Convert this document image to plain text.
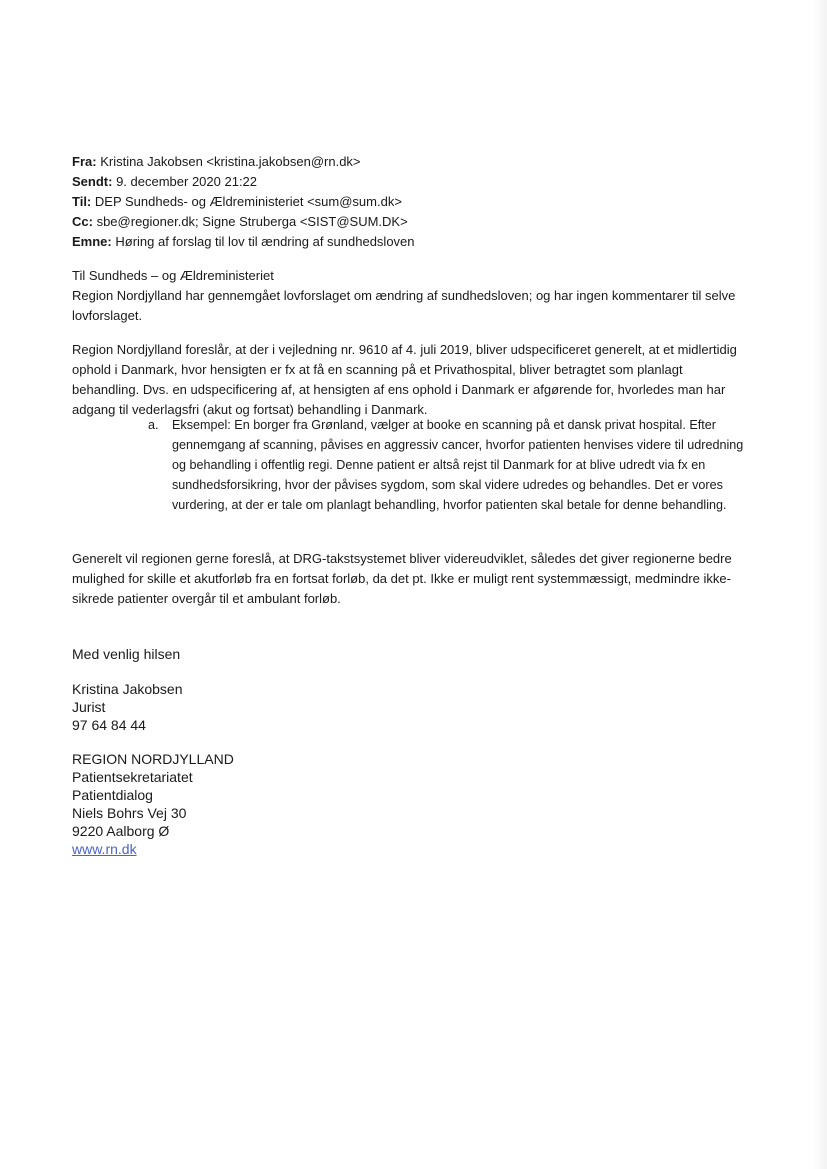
Fra: Kristina Jakobsen <kristina.jakobsen@rn.dk>
Sendt: 9. december 2020 21:22
Til: DEP Sundheds- og Ældreministeriet <sum@sum.dk>
Cc: sbe@regioner.dk; Signe Struberga <SIST@SUM.DK>
Emne: Høring af forslag til lov til ændring af sundhedsloven
Til Sundheds – og Ældreministeriet
Region Nordjylland har gennemgået lovforslaget om ændring af sundhedsloven; og har ingen kommentarer til selve lovforslaget.
Region Nordjylland foreslår, at der i vejledning nr. 9610 af 4. juli 2019, bliver udspecificeret generelt, at et midlertidig ophold i Danmark, hvor hensigten er fx at få en scanning på et Privathospital, bliver betragtet som planlagt behandling. Dvs. en udspecificering af, at hensigten af ens ophold i Danmark er afgørende for, hvorledes man har adgang til vederlagsfri (akut og fortsat) behandling i Danmark.
a.	Eksempel: En borger fra Grønland, vælger at booke en scanning på et dansk privat hospital. Efter gennemgang af scanning, påvises en aggressiv cancer, hvorfor patienten henvises videre til udredning og behandling i offentlig regi. Denne patient er altså rejst til Danmark for at blive udredt via fx en sundhedsforsikring, hvor der påvises sygdom, som skal videre udredes og behandles. Det er vores vurdering, at der er tale om planlagt behandling, hvorfor patienten skal betale for denne behandling.
Generelt vil regionen gerne foreslå, at DRG-takstsystemet bliver videreudviklet, således det giver regionerne bedre mulighed for skille et akutforløb fra en fortsat forløb, da det pt. Ikke er muligt rent systemmæssigt, medmindre ikke-sikrede patienter overgår til et ambulant forløb.
Med venlig hilsen
Kristina Jakobsen
Jurist
97 64 84 44
REGION NORDJYLLAND
Patientsekretariatet
Patientdialog
Niels Bohrs Vej 30
9220 Aalborg Ø
www.rn.dk
